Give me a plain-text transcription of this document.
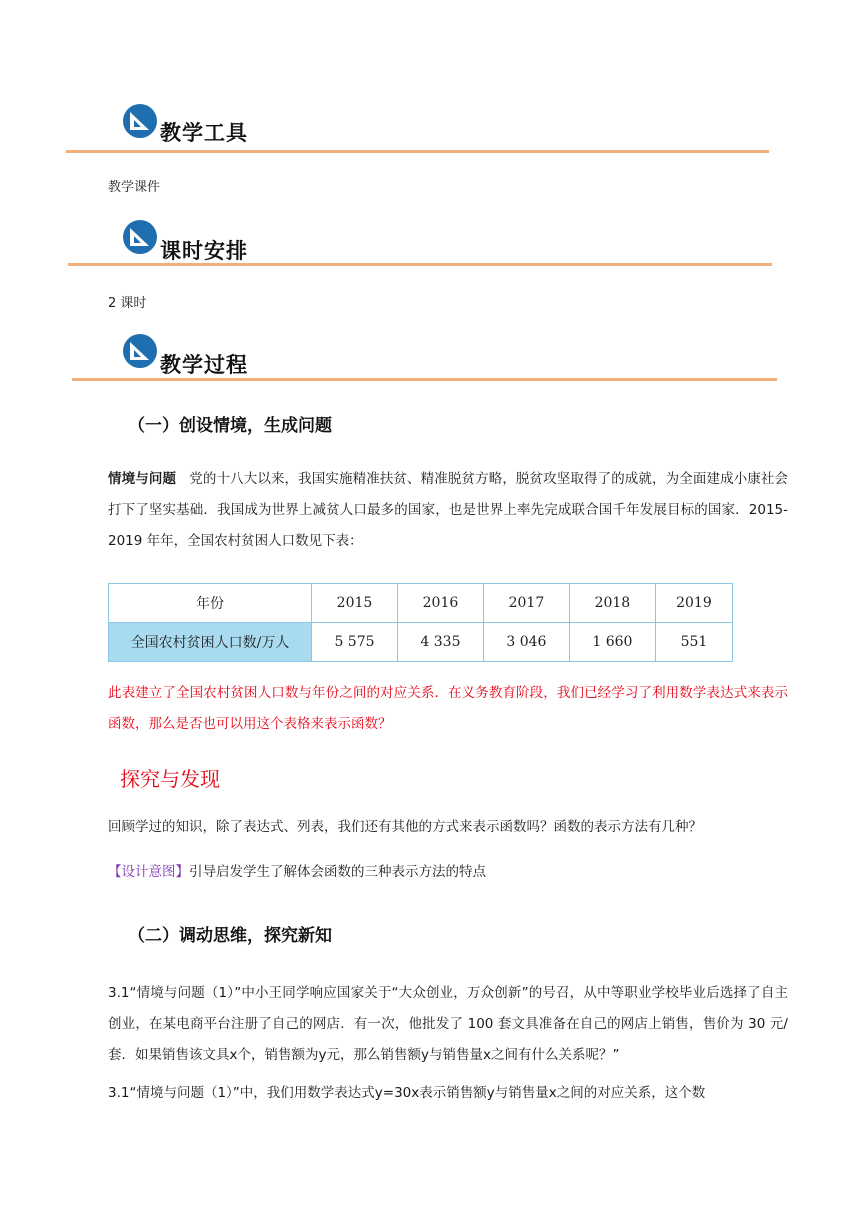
教学工具
教学课件
课时安排
2 课时
教学过程
（一）创设情境，生成问题
情境与问题 党的十八大以来，我国实施精准扶贫、精准脱贫方略，脱贫攻坚取得了的成就，为全面建成小康社会打下了坚实基础．我国成为世界上减贫人口最多的国家，也是世界上率先完成联合国千年发展目标的国家．2015-2019 年年，全国农村贫困人口数见下表：
年份	2015	2016	2017	2018	2019
全国农村贫困人口数/万人	5 575	4 335	3 046	1 660	551
此表建立了全国农村贫困人口数与年份之间的对应关系．在义务教育阶段，我们已经学习了利用数学表达式来表示函数，那么是否也可以用这个表格来表示函数？
探究与发现
回顾学过的知识，除了表达式、列表，我们还有其他的方式来表示函数吗？函数的表示方法有几种？
【设计意图】引导启发学生了解体会函数的三种表示方法的特点
（二）调动思维，探究新知
3.1“情境与问题（1）”中小王同学响应国家关于“大众创业，万众创新”的号召，从中等职业学校毕业后选择了自主创业，在某电商平台注册了自己的网店．有一次，他批发了 100 套文具准备在自己的网店上销售，售价为 30 元/套．如果销售该文具x个，销售额为y元，那么销售额y与销售量x之间有什么关系呢？”
3.1“情境与问题（1）”中，我们用数学表达式y=30x表示销售额y与销售量x之间的对应关系，这个数
